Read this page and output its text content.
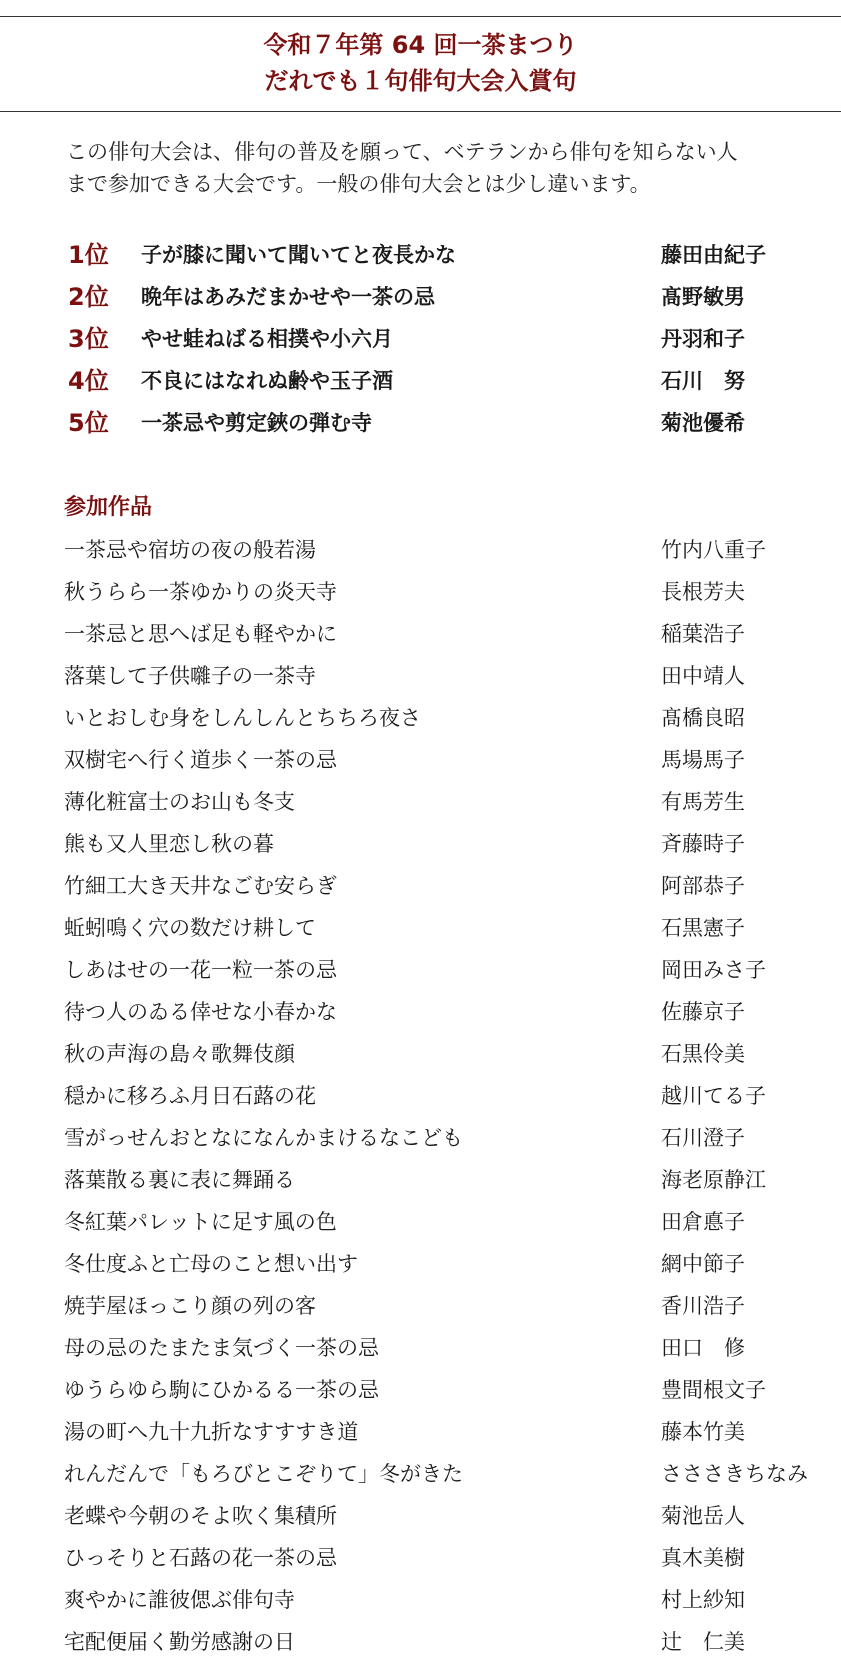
令和７年第 64 回一茶まつり
だれでも１句俳句大会入賞句
この俳句大会は、俳句の普及を願って、ベテランから俳句を知らない人
まで参加できる大会です。一般の俳句大会とは少し違います。
1位 子が膝に聞いて聞いてと夜長かな	藤田由紀子
2位 晩年はあみだまかせや一茶の忌	髙野敏男
3位 やせ蛙ねばる相撲や小六月	丹羽和子
4位 不良にはなれぬ齢や玉子酒	石川　努
5位 一茶忌や剪定鋏の弾む寺	菊池優希
参加作品
一茶忌や宿坊の夜の般若湯	竹内八重子
秋うらら一茶ゆかりの炎天寺	長根芳夫
一茶忌と思へば足も軽やかに	稲葉浩子
落葉して子供囃子の一茶寺	田中靖人
いとおしむ身をしんしんとちちろ夜さ	髙橋良昭
双樹宅へ行く道歩く一茶の忌	馬場馬子
薄化粧富士のお山も冬支	有馬芳生
熊も又人里恋し秋の暮	斉藤時子
竹細工大き天井なごむ安らぎ	阿部恭子
蚯蚓鳴く穴の数だけ耕して	石黒憲子
しあはせの一花一粒一茶の忌	岡田みさ子
待つ人のゐる倖せな小春かな	佐藤京子
秋の声海の島々歌舞伎顔	石黒伶美
穏かに移ろふ月日石蕗の花	越川てる子
雪がっせんおとなになんかまけるなこども	石川澄子
落葉散る裏に表に舞踊る	海老原静江
冬紅葉パレットに足す風の色	田倉悳子
冬仕度ふと亡母のこと想い出す	網中節子
焼芋屋ほっこり顔の列の客	香川浩子
母の忌のたまたま気づく一茶の忌	田口　修
ゆうらゆら駒にひかるる一茶の忌	豊間根文子
湯の町へ九十九折なすすすき道	藤本竹美
れんだんで「もろびとこぞりて」冬がきた	さささきちなみ
老蝶や今朝のそよ吹く集積所	菊池岳人
ひっそりと石蕗の花一茶の忌	真木美樹
爽やかに誰彼偲ぶ俳句寺	村上紗知
宅配便届く勤労感謝の日	辻　仁美
